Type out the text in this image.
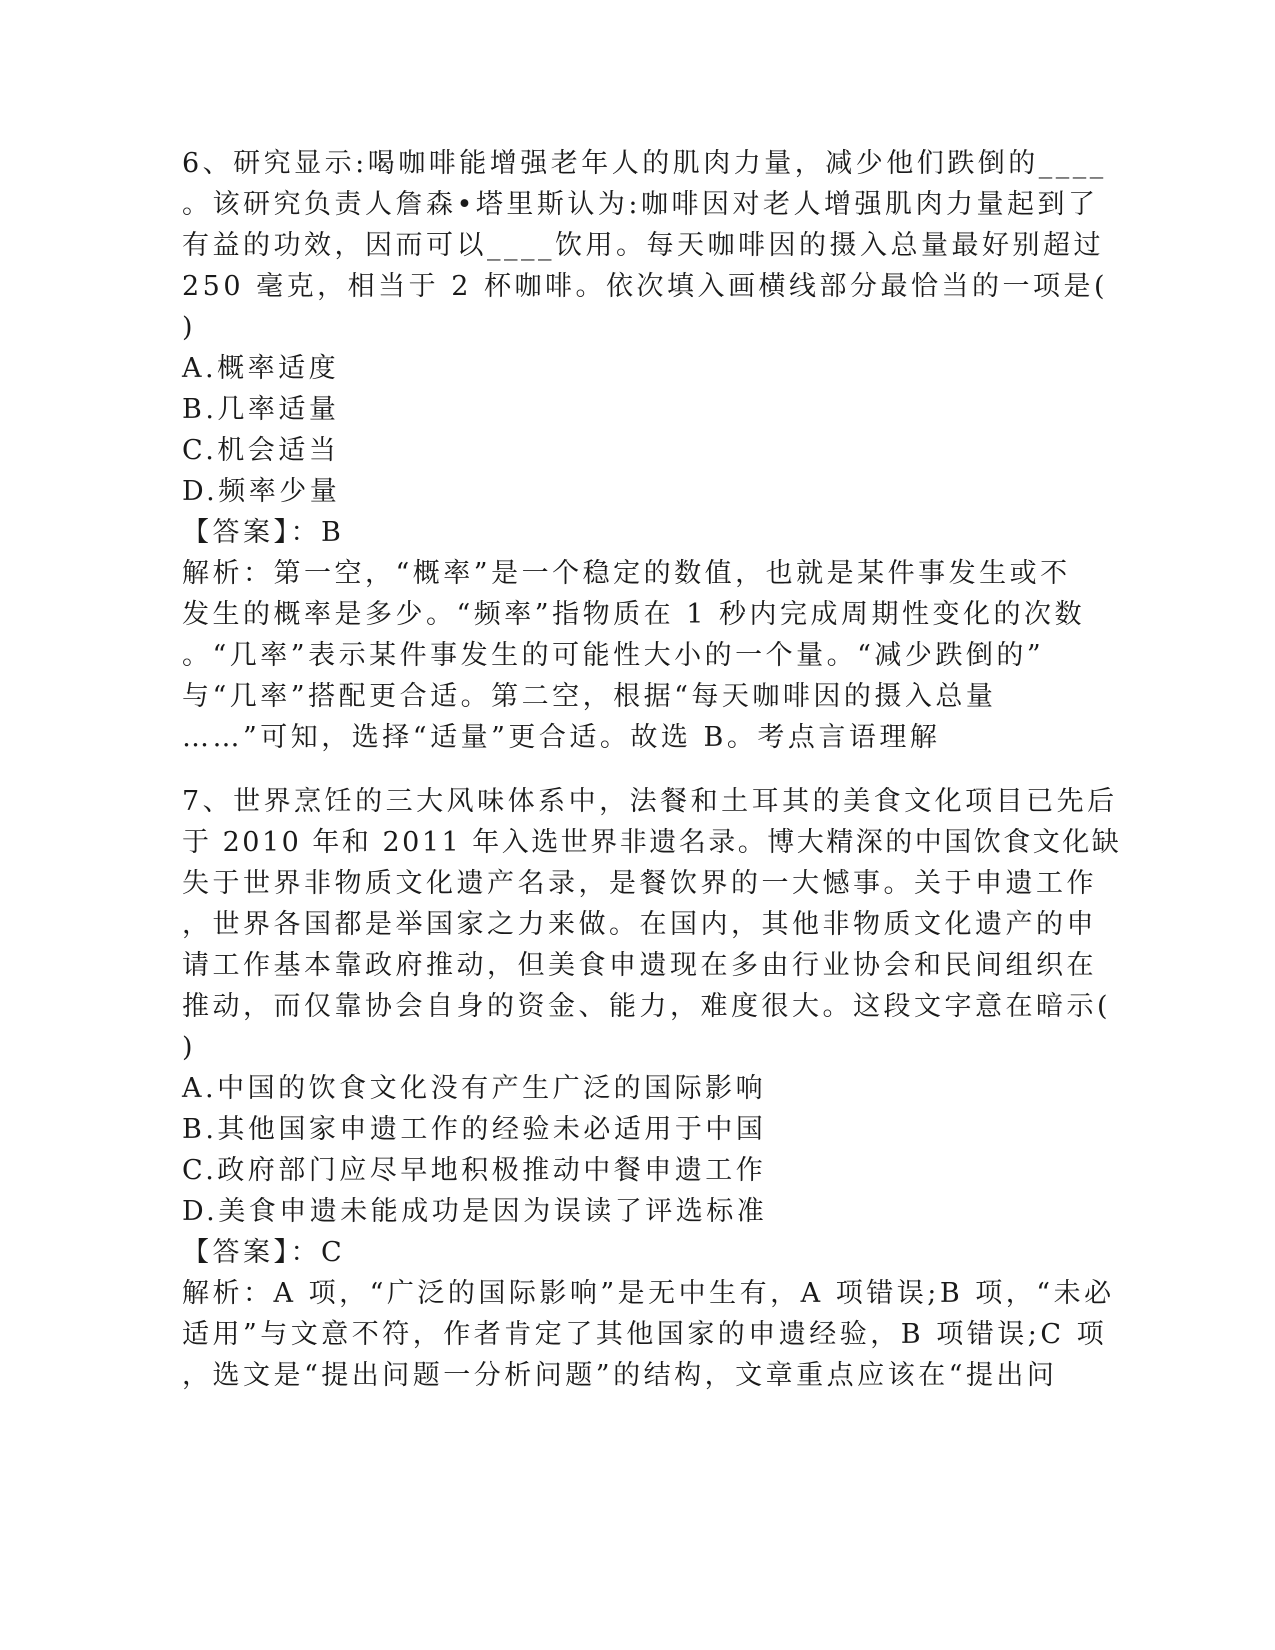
6、研究显示:喝咖啡能增强老年人的肌肉力量，减少他们跌倒的____
。该研究负责人詹森•塔里斯认为:咖啡因对老人增强肌肉力量起到了
有益的功效，因而可以____饮用。每天咖啡因的摄入总量最好别超过
250 毫克，相当于 2 杯咖啡。依次填入画横线部分最恰当的一项是(
)
A.概率适度
B.几率适量
C.机会适当
D.频率少量
【答案】：B
解析：第一空，“概率”是一个稳定的数值，也就是某件事发生或不
发生的概率是多少。“频率”指物质在 1 秒内完成周期性变化的次数
。“几率”表示某件事发生的可能性大小的一个量。“减少跌倒的”
与“几率”搭配更合适。第二空，根据“每天咖啡因的摄入总量
……”可知，选择“适量”更合适。故选 B。考点言语理解
7、世界烹饪的三大风味体系中，法餐和土耳其的美食文化项目已先后
于 2010 年和 2011 年入选世界非遗名录。博大精深的中国饮食文化缺
失于世界非物质文化遗产名录，是餐饮界的一大憾事。关于申遗工作
，世界各国都是举国家之力来做。在国内，其他非物质文化遗产的申
请工作基本靠政府推动，但美食申遗现在多由行业协会和民间组织在
推动，而仅靠协会自身的资金、能力，难度很大。这段文字意在暗示(
)
A.中国的饮食文化没有产生广泛的国际影响
B.其他国家申遗工作的经验未必适用于中国
C.政府部门应尽早地积极推动中餐申遗工作
D.美食申遗未能成功是因为误读了评选标准
【答案】：C
解析：A 项，“广泛的国际影响”是无中生有，A 项错误;B 项，“未必
适用”与文意不符，作者肯定了其他国家的申遗经验，B 项错误;C 项
，选文是“提出问题一分析问题”的结构，文章重点应该在“提出问
